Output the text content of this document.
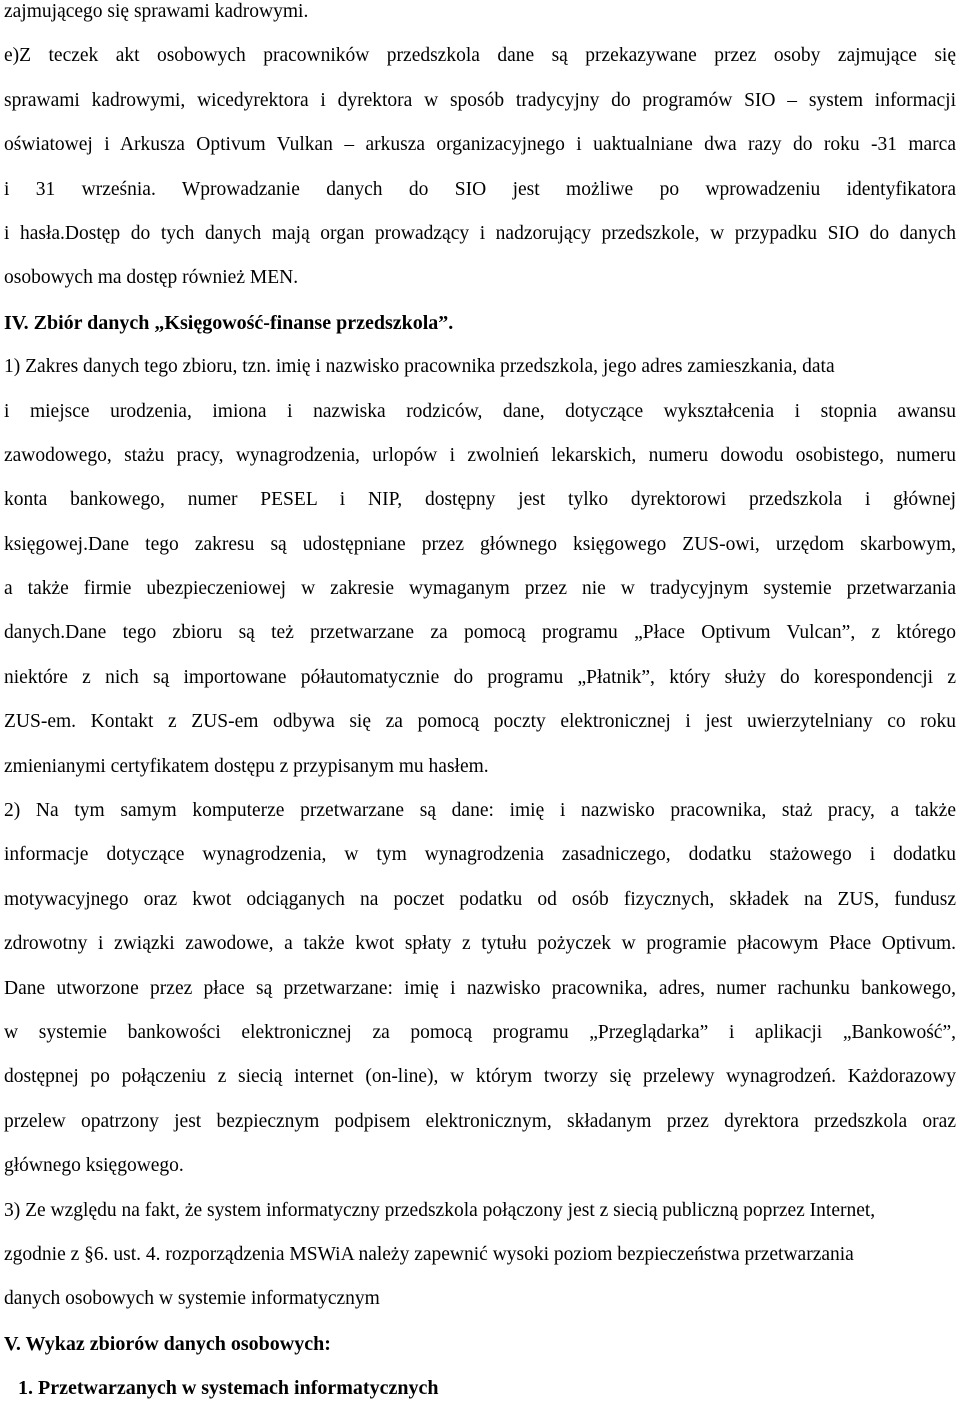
zajmującego się sprawami kadrowymi.
e)Z teczek akt osobowych pracowników przedszkola dane są przekazywane przez osoby zajmujące się
sprawami kadrowymi, wicedyrektora i dyrektora w sposób tradycyjny do programów SIO – system informacji
oświatowej i Arkusza Optivum Vulkan – arkusza organizacyjnego i uaktualniane dwa razy do roku -31 marca
i 31 września. Wprowadzanie danych do SIO jest możliwe po wprowadzeniu identyfikatora
i hasła.Dostęp do tych danych mają organ prowadzący i nadzorujący przedszkole, w przypadku SIO do danych
osobowych ma dostęp również MEN.
IV. Zbiór danych „Księgowość-finanse przedszkola”.
1) Zakres danych tego zbioru, tzn. imię i nazwisko pracownika przedszkola, jego adres zamieszkania, data
i miejsce urodzenia, imiona i nazwiska rodziców, dane, dotyczące wykształcenia i stopnia awansu
zawodowego, stażu pracy, wynagrodzenia, urlopów i zwolnień lekarskich, numeru dowodu osobistego, numeru
konta bankowego, numer PESEL i NIP, dostępny jest tylko dyrektorowi przedszkola i głównej
księgowej.Dane tego zakresu są udostępniane przez głównego księgowego ZUS-owi, urzędom skarbowym,
a także firmie ubezpieczeniowej w zakresie wymaganym przez nie w tradycyjnym systemie przetwarzania
danych.Dane tego zbioru są też przetwarzane za pomocą programu „Płace Optivum Vulcan”, z którego
niektóre z nich są importowane półautomatycznie do programu „Płatnik”, który służy do korespondencji z
ZUS-em. Kontakt z ZUS-em odbywa się za pomocą poczty elektronicznej i jest uwierzytelniany co roku
zmienianymi certyfikatem dostępu z przypisanym mu hasłem.
2) Na tym samym komputerze przetwarzane są dane: imię i nazwisko pracownika, staż pracy, a także
informacje dotyczące wynagrodzenia, w tym wynagrodzenia zasadniczego, dodatku stażowego i dodatku
motywacyjnego oraz kwot odciąganych na poczet podatku od osób fizycznych, składek na ZUS, fundusz
zdrowotny i związki zawodowe, a także kwot spłaty z tytułu pożyczek w programie płacowym Płace Optivum.
Dane utworzone przez płace są przetwarzane: imię i nazwisko pracownika, adres, numer rachunku bankowego,
w systemie bankowości elektronicznej za pomocą programu „Przeglądarka” i aplikacji „Bankowość”,
dostępnej po połączeniu z siecią internet (on-line), w którym tworzy się przelewy wynagrodzeń. Każdorazowy
przelew opatrzony jest bezpiecznym podpisem elektronicznym, składanym przez dyrektora przedszkola oraz
głównego księgowego.
3) Ze względu na fakt, że system informatyczny przedszkola połączony jest z siecią publiczną poprzez Internet,
zgodnie z §6. ust. 4. rozporządzenia MSWiA należy zapewnić wysoki poziom bezpieczeństwa przetwarzania
danych osobowych w systemie informatycznym
V. Wykaz zbiorów danych osobowych:
1. Przetwarzanych w systemach informatycznych
